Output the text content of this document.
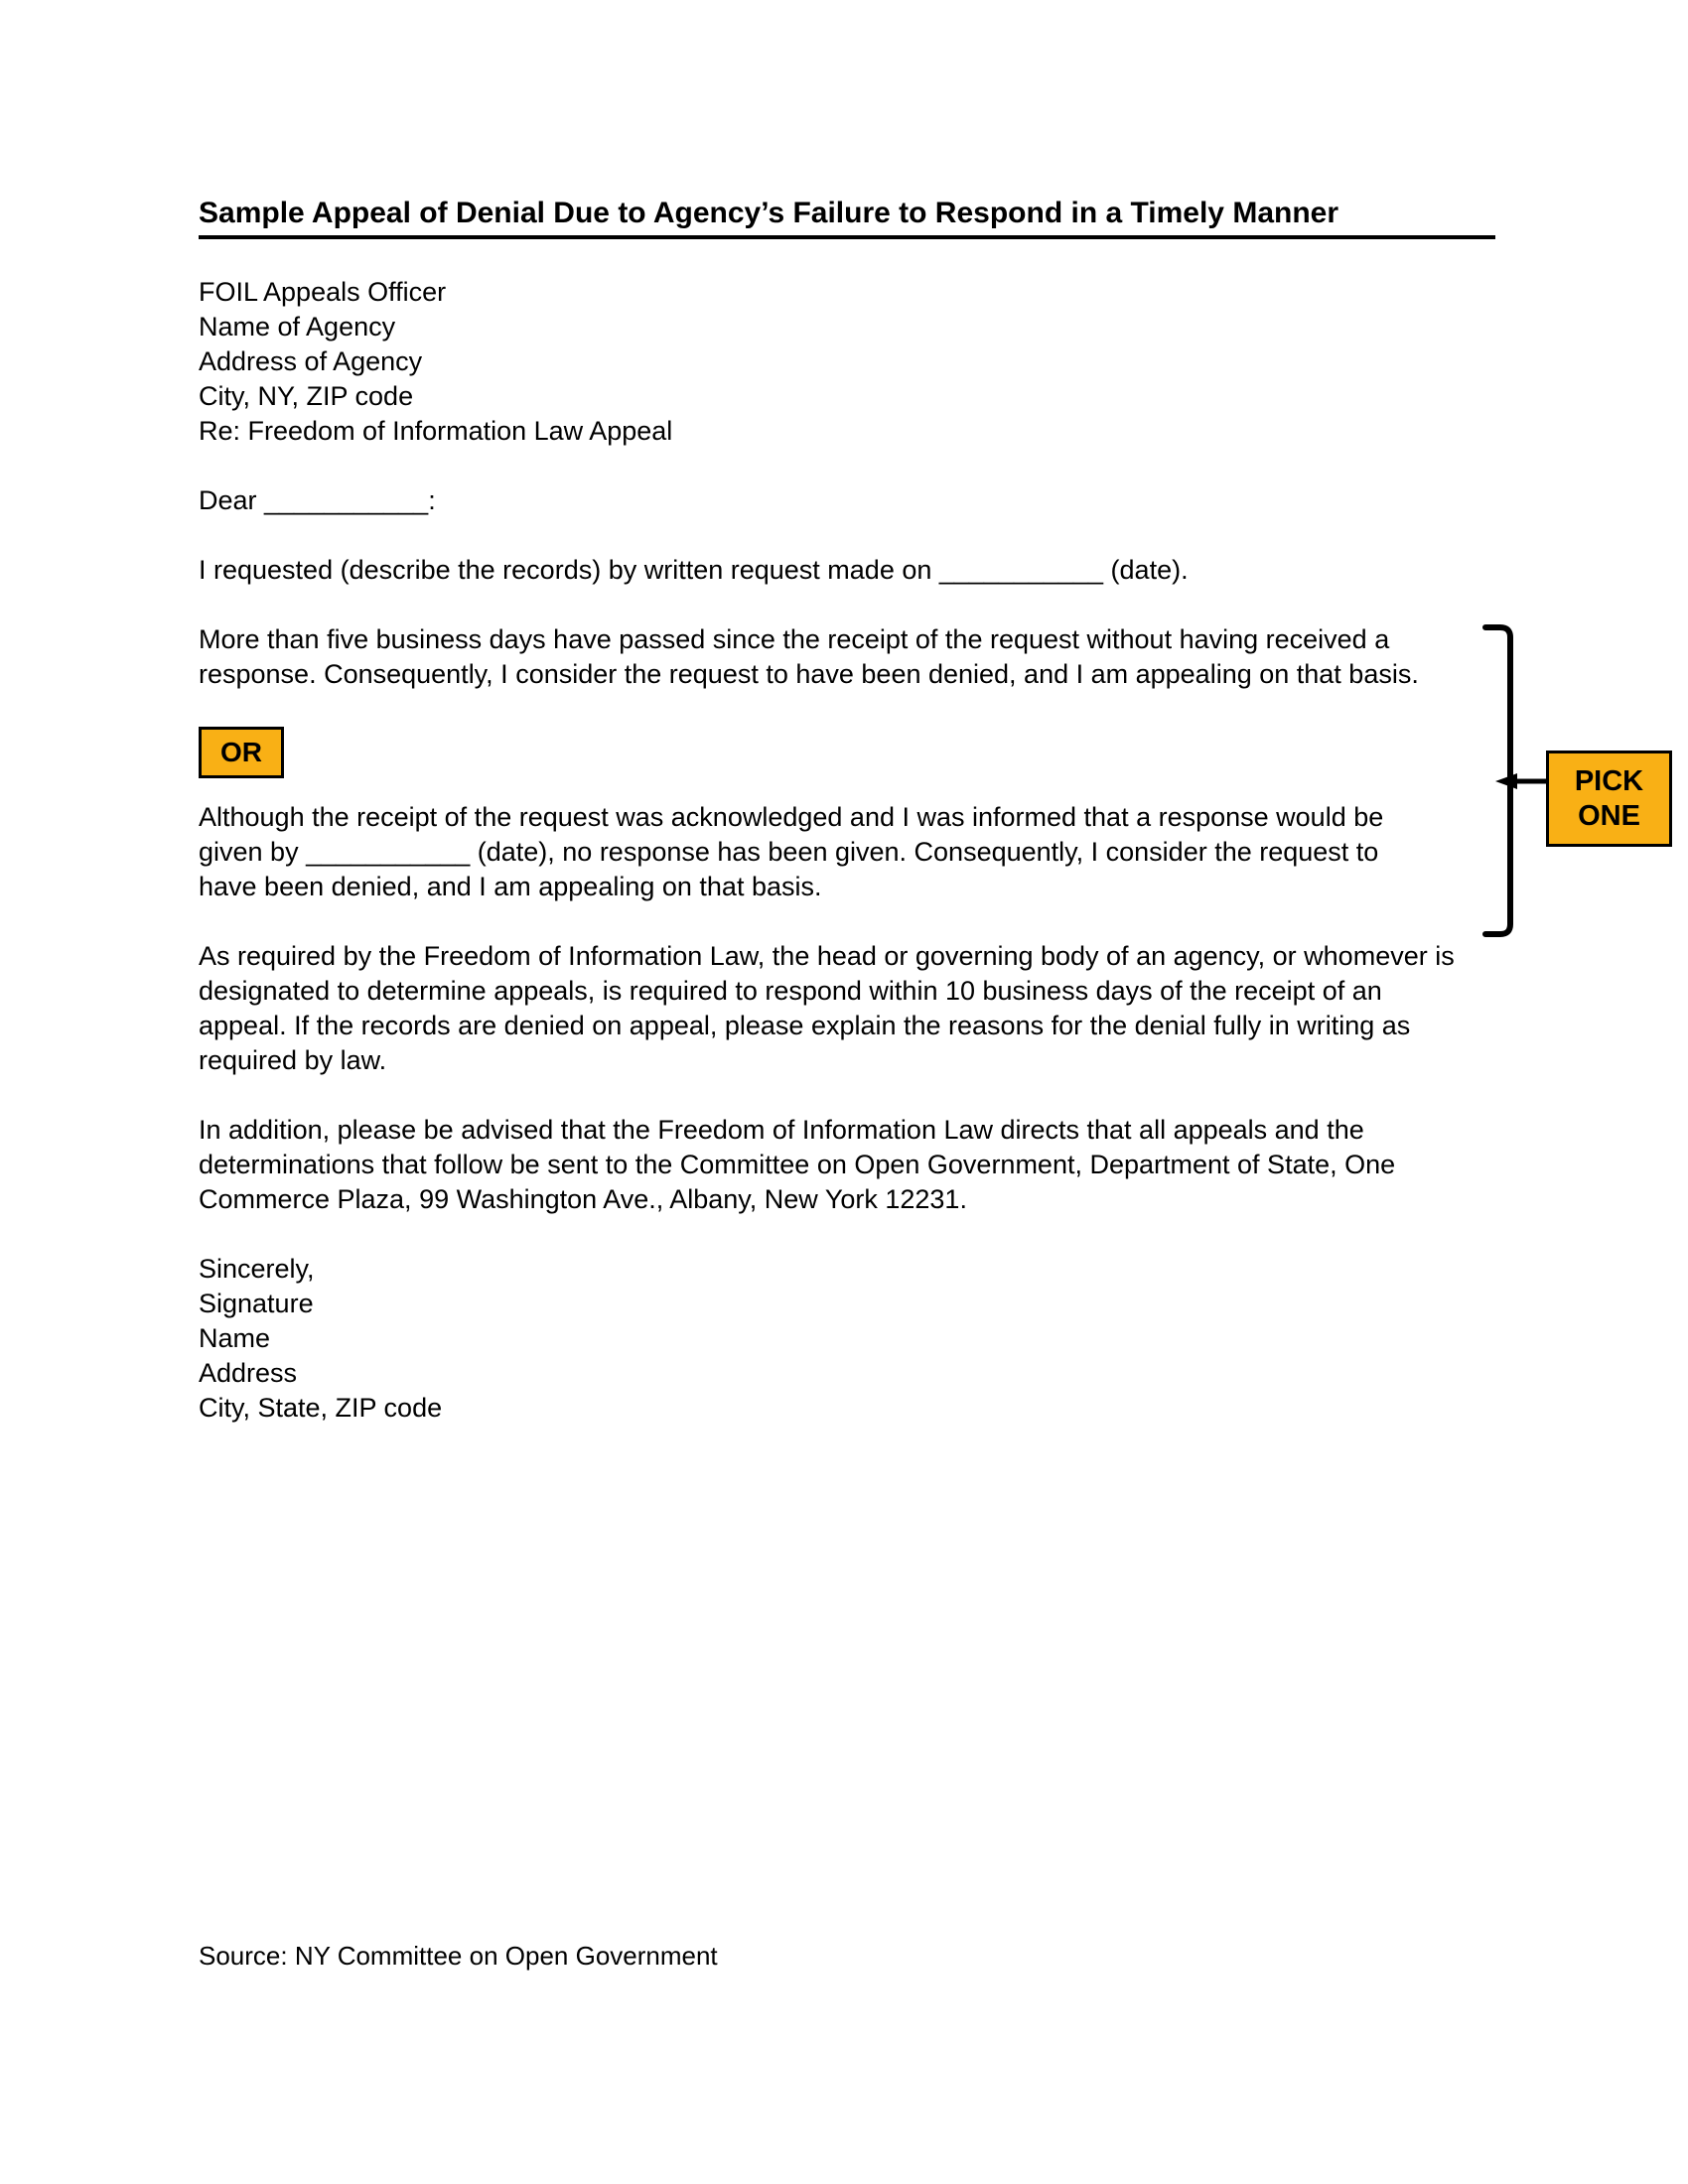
Sample Appeal of Denial Due to Agency’s Failure to Respond in a Timely Manner
FOIL Appeals Officer
Name of Agency
Address of Agency
City, NY, ZIP code
Re: Freedom of Information Law Appeal

Dear ___________:

I requested (describe the records) by written request made on ___________ (date).

More than five business days have passed since the receipt of the request without having received a response. Consequently, I consider the request to have been denied, and I am appealing on that basis.

OR

Although the receipt of the request was acknowledged and I was informed that a response would be given by ___________ (date), no response has been given. Consequently, I consider the request to have been denied, and I am appealing on that basis.

As required by the Freedom of Information Law, the head or governing body of an agency, or whomever is designated to determine appeals, is required to respond within 10 business days of the receipt of an appeal. If the records are denied on appeal, please explain the reasons for the denial fully in writing as required by law.

In addition, please be advised that the Freedom of Information Law directs that all appeals and the determinations that follow be sent to the Committee on Open Government, Department of State, One Commerce Plaza, 99 Washington Ave., Albany, New York 12231.

Sincerely,

Signature
Name
Address
City, State, ZIP code
PICK
ONE
Source: NY Committee on Open Government
